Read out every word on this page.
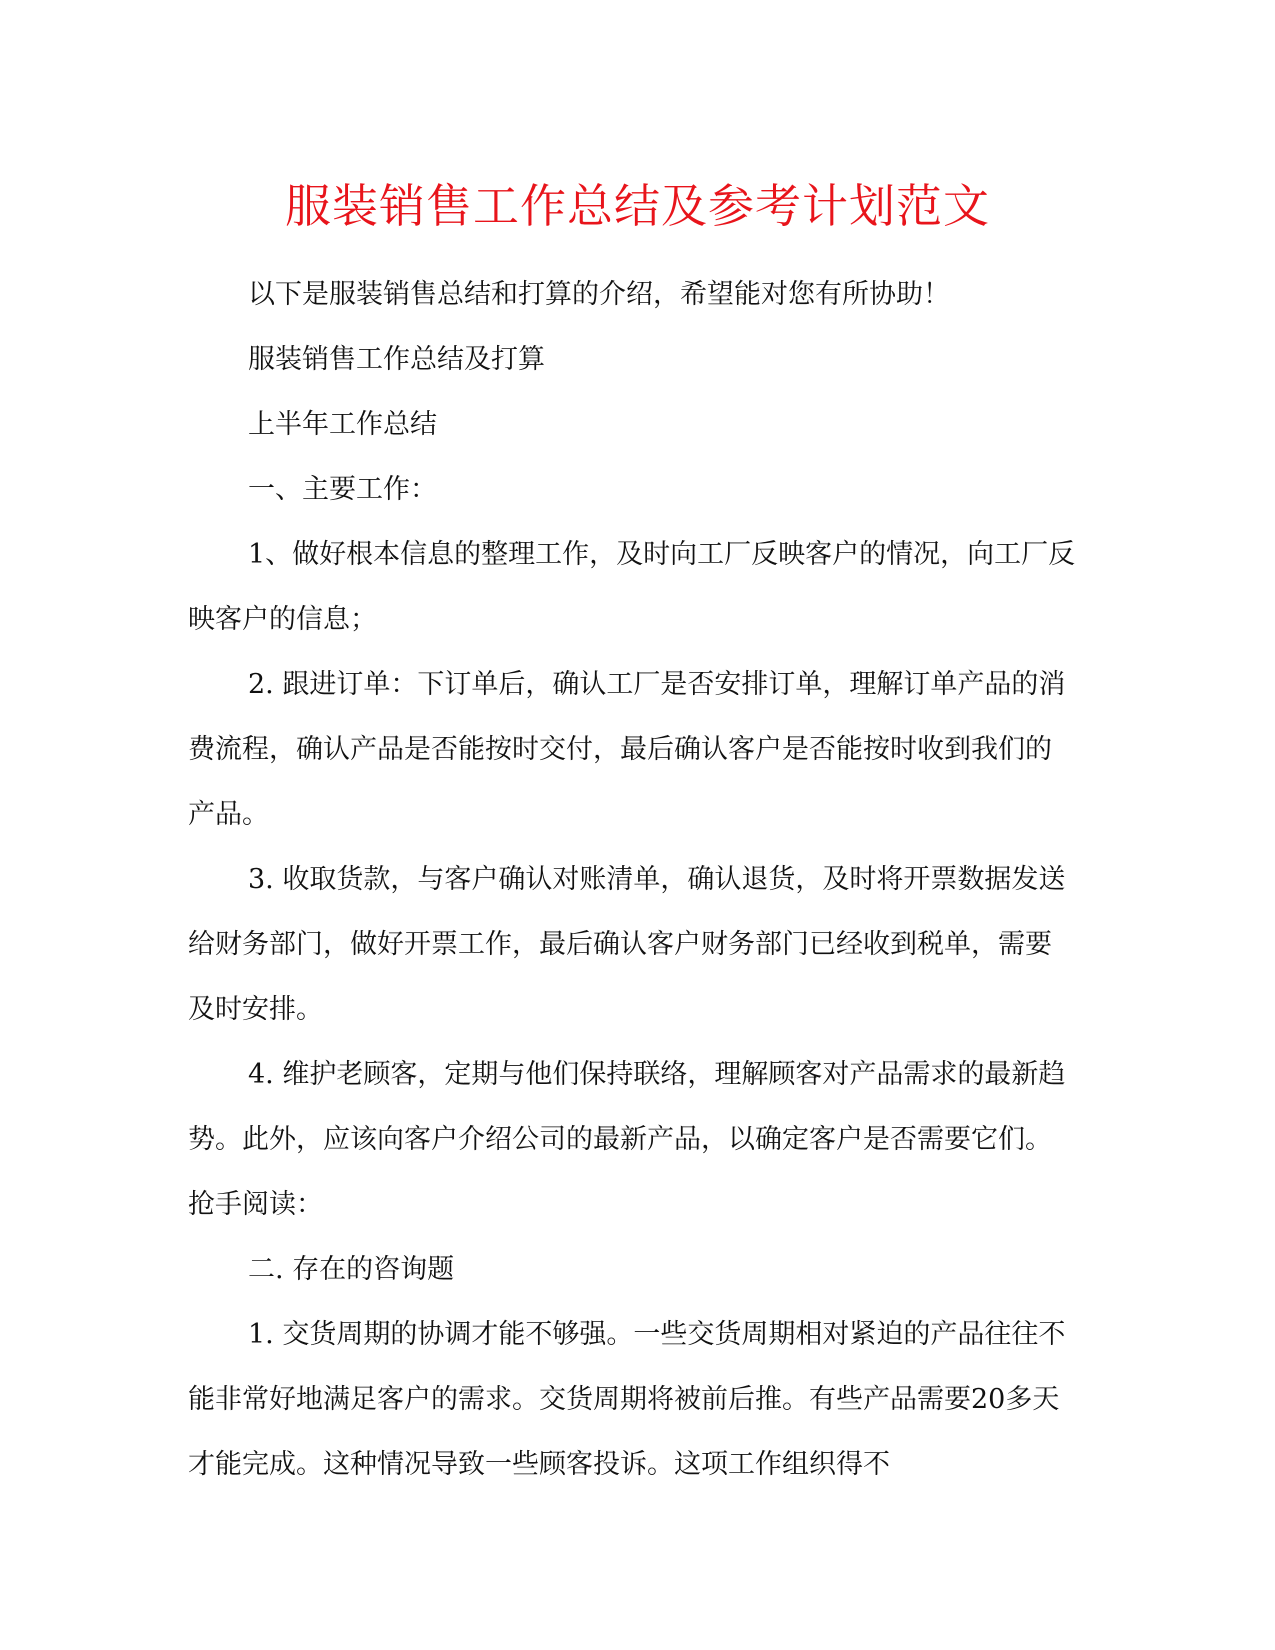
服装销售工作总结及参考计划范文

以下是服装销售总结和打算的介绍，希望能对您有所协助！

服装销售工作总结及打算

上半年工作总结

一、主要工作：

1、做好根本信息的整理工作，及时向工厂反映客户的情况，向工厂反映客户的信息；

2. 跟进订单：下订单后，确认工厂是否安排订单，理解订单产品的消费流程，确认产品是否能按时交付，最后确认客户是否能按时收到我们的产品。

3. 收取货款，与客户确认对账清单，确认退货，及时将开票数据发送给财务部门，做好开票工作，最后确认客户财务部门已经收到税单，需要及时安排。

4. 维护老顾客，定期与他们保持联络，理解顾客对产品需求的最新趋势。此外，应该向客户介绍公司的最新产品，以确定客户是否需要它们。抢手阅读：

二. 存在的咨询题

1. 交货周期的协调才能不够强。一些交货周期相对紧迫的产品往往不能非常好地满足客户的需求。交货周期将被前后推。有些产品需要20多天才能完成。这种情况导致一些顾客投诉。这项工作组织得不
